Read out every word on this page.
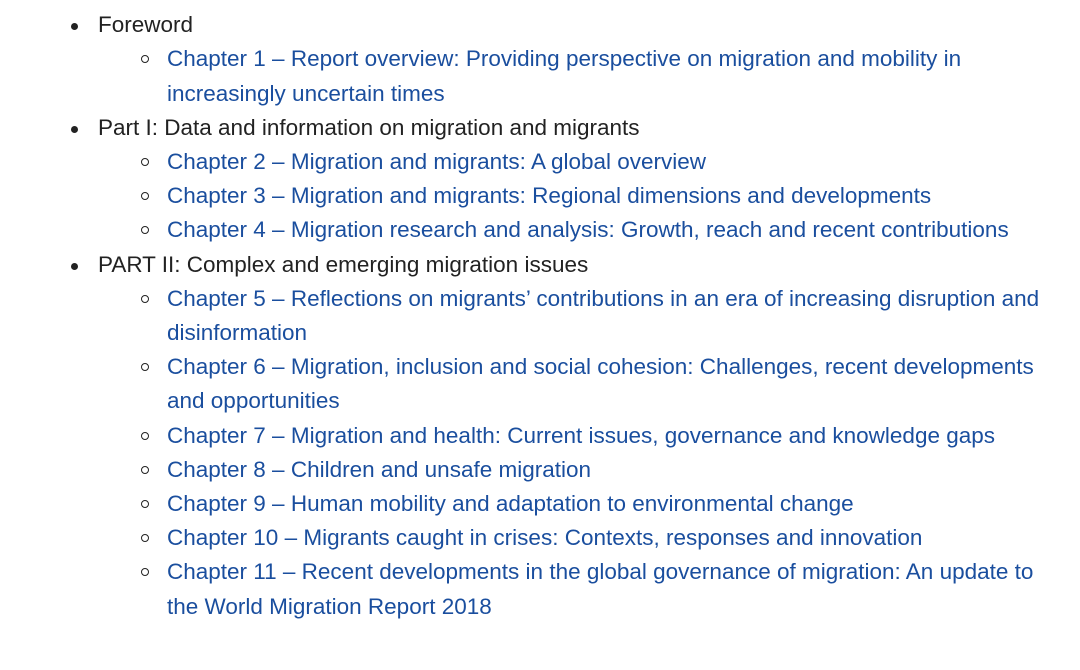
Foreword
Chapter 1 – Report overview: Providing perspective on migration and mobility in increasingly uncertain times
Part I: Data and information on migration and migrants
Chapter 2 – Migration and migrants: A global overview
Chapter 3 – Migration and migrants: Regional dimensions and developments
Chapter 4 – Migration research and analysis: Growth, reach and recent contributions
PART II: Complex and emerging migration issues
Chapter 5 – Reflections on migrants’ contributions in an era of increasing disruption and disinformation
Chapter 6 – Migration, inclusion and social cohesion: Challenges, recent developments and opportunities
Chapter 7 – Migration and health: Current issues, governance and knowledge gaps
Chapter 8 – Children and unsafe migration
Chapter 9 – Human mobility and adaptation to environmental change
Chapter 10 – Migrants caught in crises: Contexts, responses and innovation
Chapter 11 – Recent developments in the global governance of migration: An update to the World Migration Report 2018
